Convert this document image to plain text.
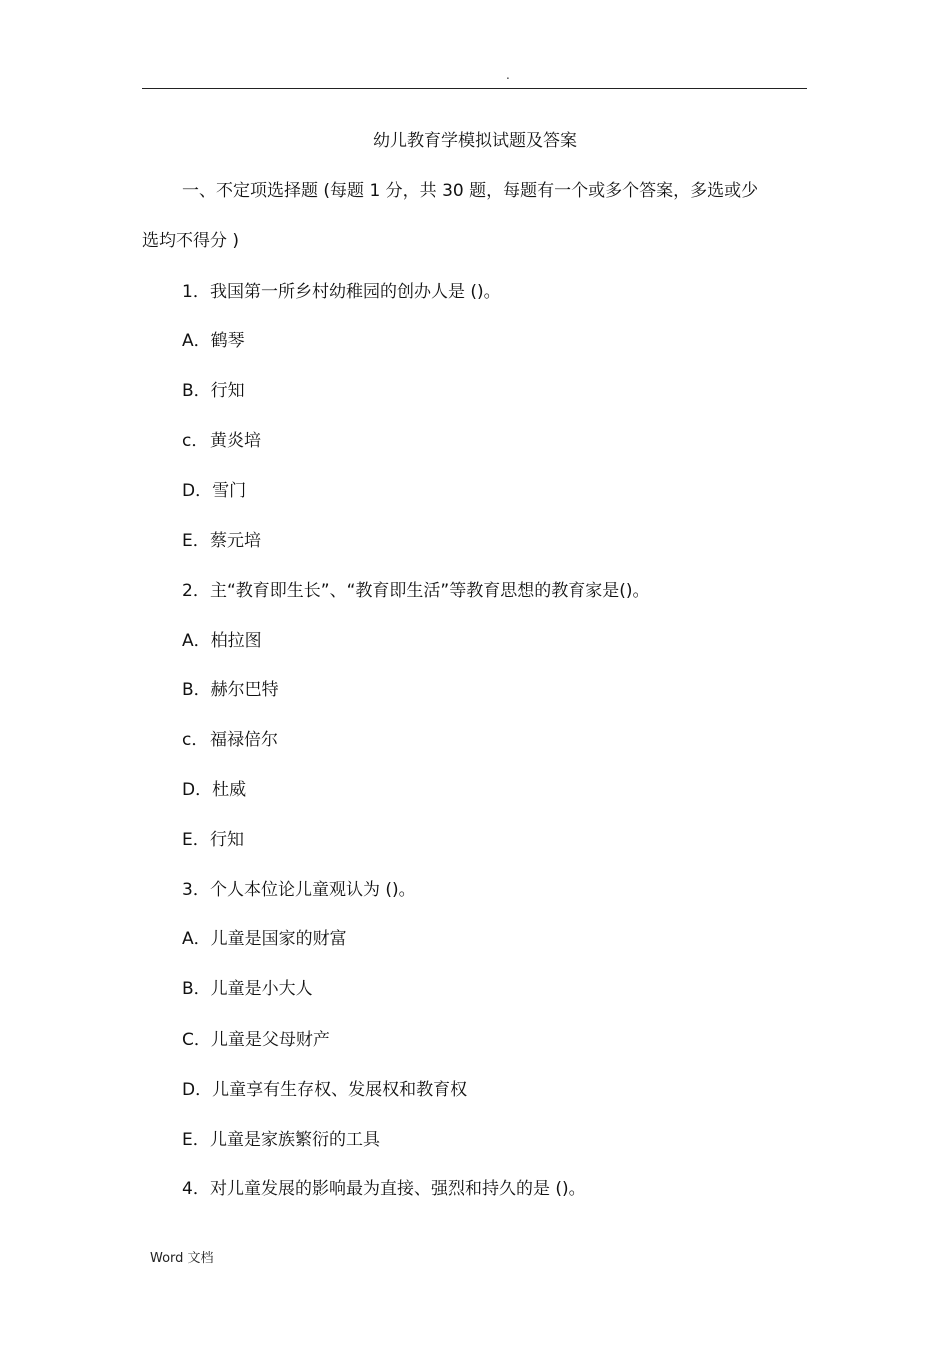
.
幼儿教育学模拟试题及答案
一、不定项选择题 (每题 1 分，共 30 题，每题有一个或多个答案，多选或少
选均不得分 )
1．我国第一所乡村幼稚园的创办人是 ()。
A．鹤琴
B．行知
c．黄炎培
D．雪门
E．蔡元培
2．主“教育即生长”、“教育即生活”等教育思想的教育家是()。
A．柏拉图
B．赫尔巴特
c．福禄倍尔
D．杜威
E．行知
3．个人本位论儿童观认为 ()。
A．儿童是国家的财富
B．儿童是小大人
C．儿童是父母财产
D．儿童享有生存权、发展权和教育权
E．儿童是家族繁衍的工具
4．对儿童发展的影响最为直接、强烈和持久的是 ()。
Word 文档
